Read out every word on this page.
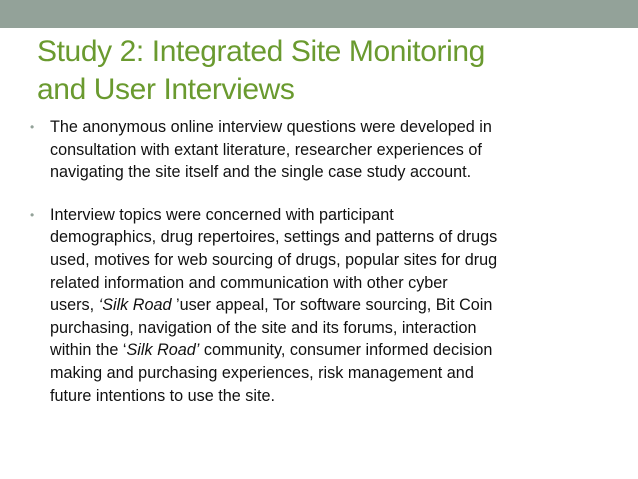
Study 2: Integrated Site Monitoring
and User Interviews
• The anonymous online interview questions were developed in
consultation with extant literature, researcher experiences of
navigating the site itself and the single case study account.
• Interview topics were concerned with participant
demographics, drug repertoires, settings and patterns of drugs
used, motives for web sourcing of drugs, popular sites for drug
related information and communication with other cyber
users, ‘Silk Road ’user appeal, Tor software sourcing, Bit Coin
purchasing, navigation of the site and its forums, interaction
within the ‘Silk Road’ community, consumer informed decision
making and purchasing experiences, risk management and
future intentions to use the site.
